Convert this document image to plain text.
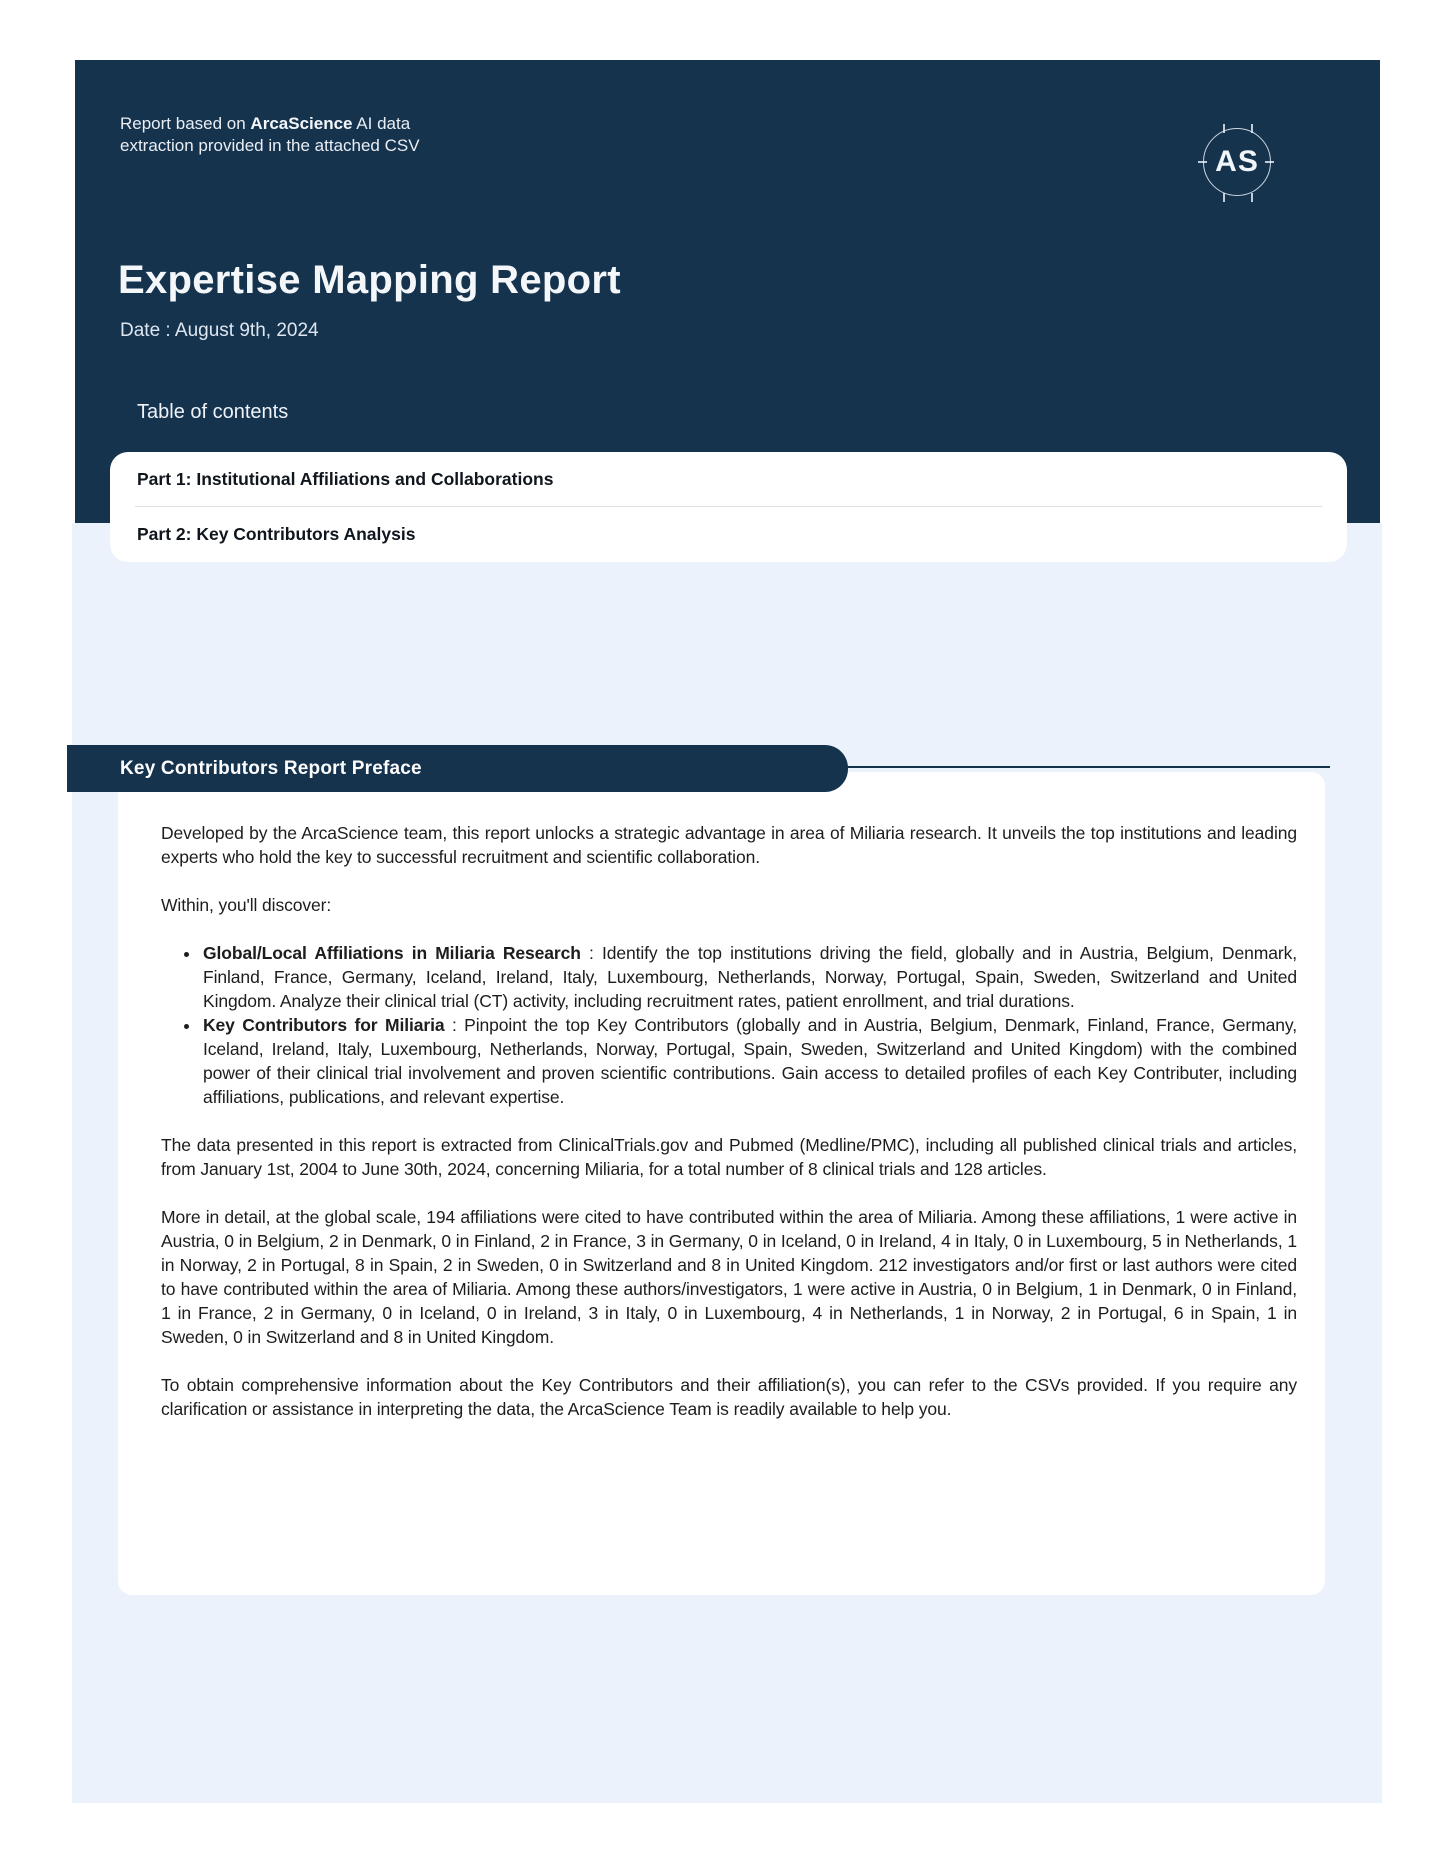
Report based on ArcaScience AI data extraction provided in the attached CSV	AS
Expertise Mapping Report
Date : August 9th, 2024
Table of contents
Part 1: Institutional Affiliations and Collaborations
Part 2: Key Contributors Analysis
Key Contributors Report Preface

Developed by the ArcaScience team, this report unlocks a strategic advantage in area of Miliaria research. It unveils the top institutions and leading experts who hold the key to successful recruitment and scientific collaboration.

Within, you'll discover:

• Global/Local Affiliations in Miliaria Research : Identify the top institutions driving the field, globally and in Austria, Belgium, Denmark, Finland, France, Germany, Iceland, Ireland, Italy, Luxembourg, Netherlands, Norway, Portugal, Spain, Sweden, Switzerland and United Kingdom. Analyze their clinical trial (CT) activity, including recruitment rates, patient enrollment, and trial durations.
• Key Contributors for Miliaria : Pinpoint the top Key Contributors (globally and in Austria, Belgium, Denmark, Finland, France, Germany, Iceland, Ireland, Italy, Luxembourg, Netherlands, Norway, Portugal, Spain, Sweden, Switzerland and United Kingdom) with the combined power of their clinical trial involvement and proven scientific contributions. Gain access to detailed profiles of each Key Contributer, including affiliations, publications, and relevant expertise.

The data presented in this report is extracted from ClinicalTrials.gov and Pubmed (Medline/PMC), including all published clinical trials and articles, from January 1st, 2004 to June 30th, 2024, concerning Miliaria, for a total number of 8 clinical trials and 128 articles.

More in detail, at the global scale, 194 affiliations were cited to have contributed within the area of Miliaria. Among these affiliations, 1 were active in Austria, 0 in Belgium, 2 in Denmark, 0 in Finland, 2 in France, 3 in Germany, 0 in Iceland, 0 in Ireland, 4 in Italy, 0 in Luxembourg, 5 in Netherlands, 1 in Norway, 2 in Portugal, 8 in Spain, 2 in Sweden, 0 in Switzerland and 8 in United Kingdom. 212 investigators and/or first or last authors were cited to have contributed within the area of Miliaria. Among these authors/investigators, 1 were active in Austria, 0 in Belgium, 1 in Denmark, 0 in Finland, 1 in France, 2 in Germany, 0 in Iceland, 0 in Ireland, 3 in Italy, 0 in Luxembourg, 4 in Netherlands, 1 in Norway, 2 in Portugal, 6 in Spain, 1 in Sweden, 0 in Switzerland and 8 in United Kingdom.

To obtain comprehensive information about the Key Contributors and their affiliation(s), you can refer to the CSVs provided. If you require any clarification or assistance in interpreting the data, the ArcaScience Team is readily available to help you.
